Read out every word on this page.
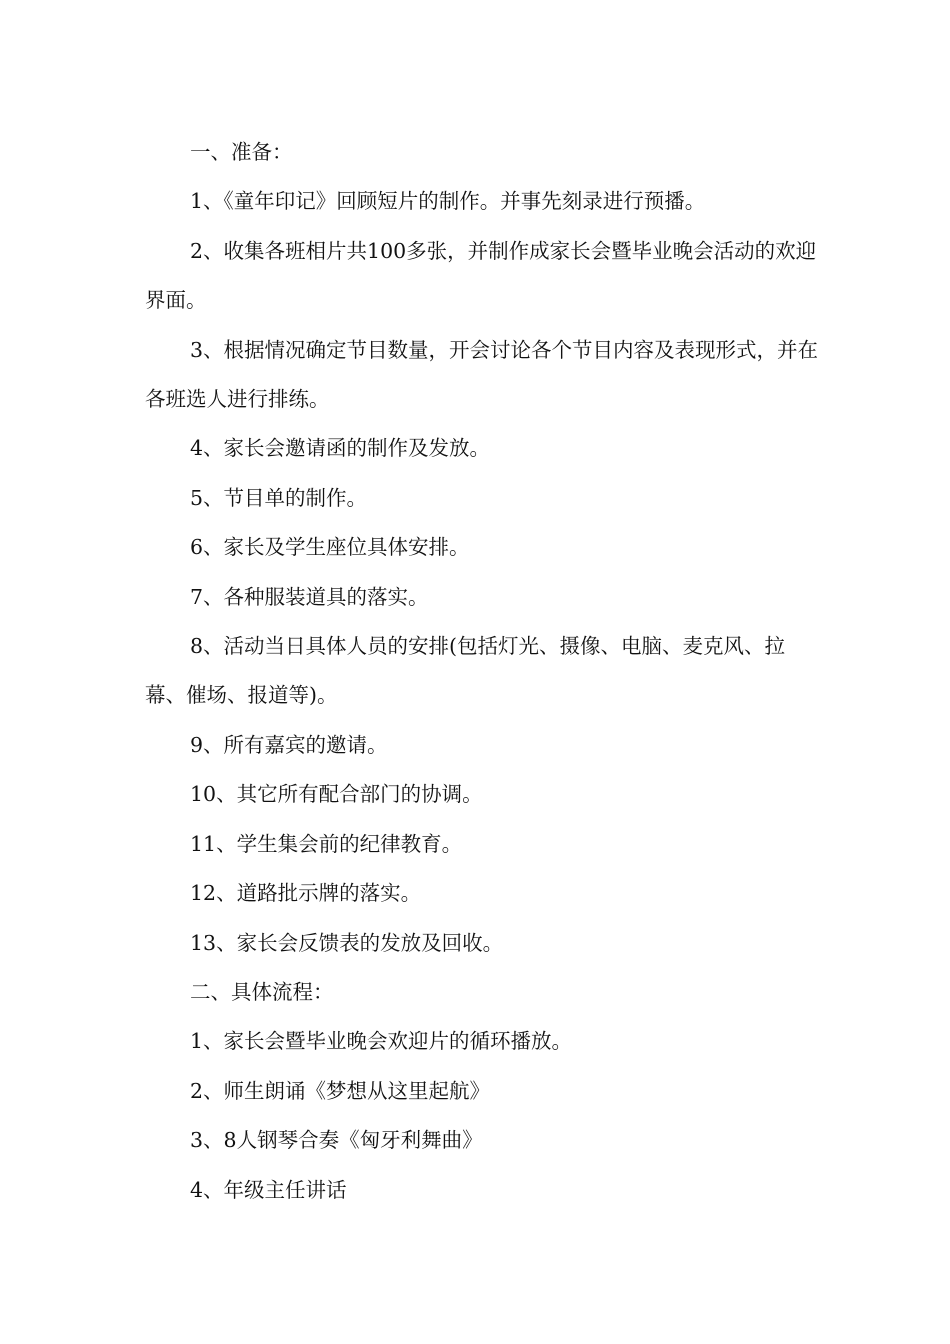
一、准备：

1、《童年印记》回顾短片的制作。并事先刻录进行预播。

2、收集各班相片共100多张，并制作成家长会暨毕业晚会活动的欢迎界面。

3、根据情况确定节目数量，开会讨论各个节目内容及表现形式，并在各班选人进行排练。

4、家长会邀请函的制作及发放。

5、节目单的制作。

6、家长及学生座位具体安排。

7、各种服装道具的落实。

8、活动当日具体人员的安排(包括灯光、摄像、电脑、麦克风、拉幕、催场、报道等)。

9、所有嘉宾的邀请。

10、其它所有配合部门的协调。

11、学生集会前的纪律教育。

12、道路批示牌的落实。

13、家长会反馈表的发放及回收。

二、具体流程：

1、家长会暨毕业晚会欢迎片的循环播放。

2、师生朗诵《梦想从这里起航》

3、8人钢琴合奏《匈牙利舞曲》

4、年级主任讲话
